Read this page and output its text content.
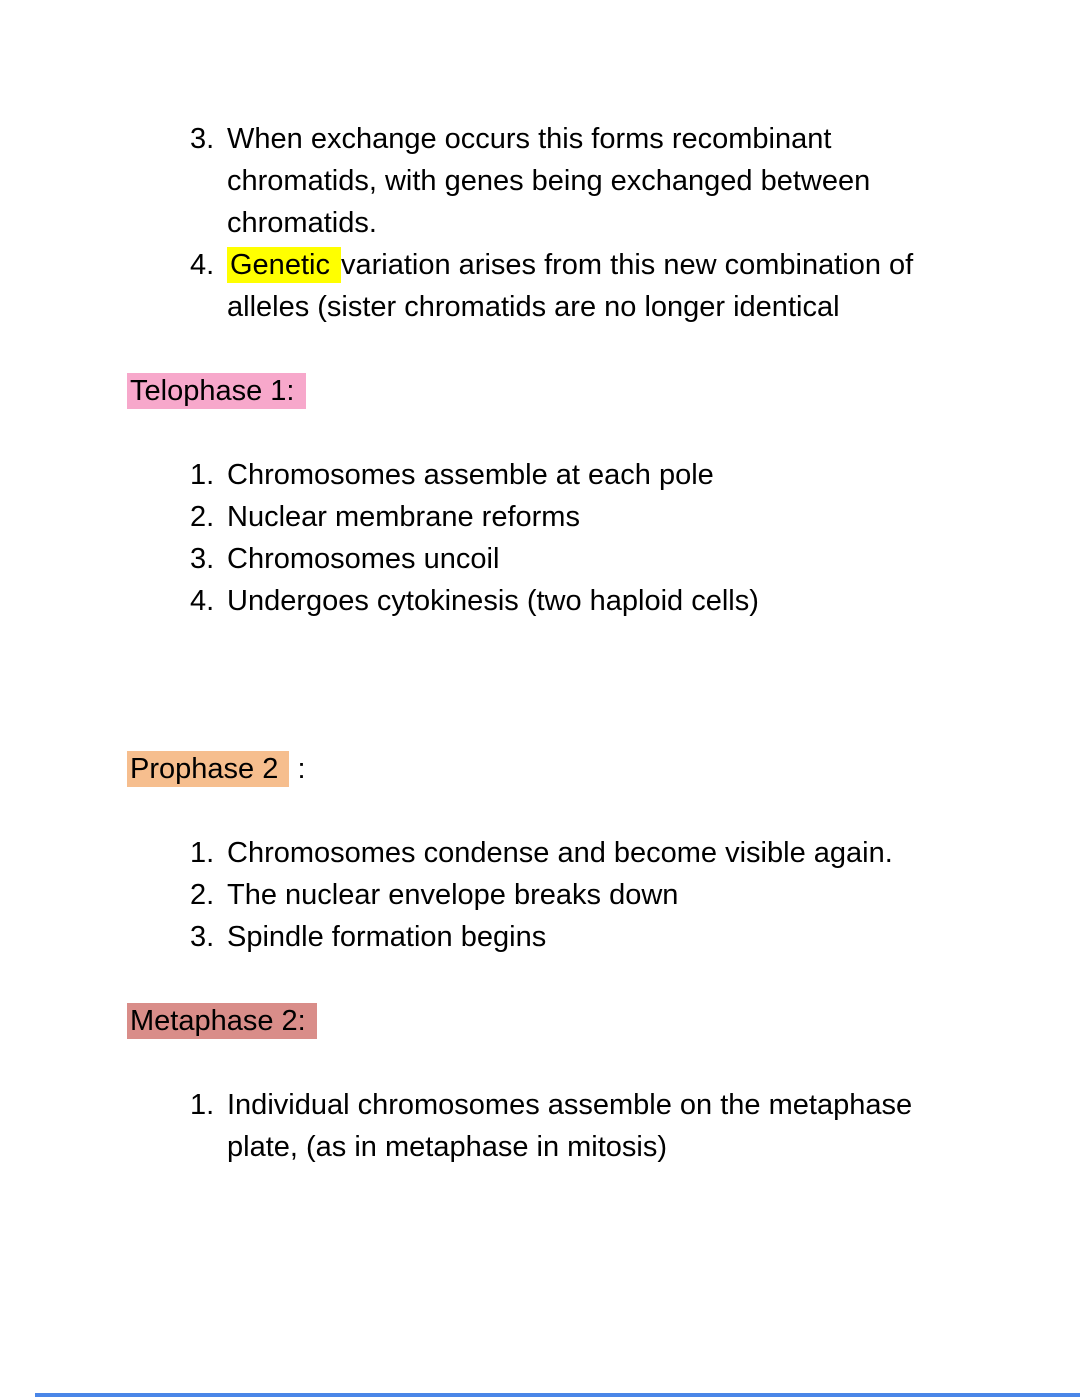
3. When exchange occurs this forms recombinant chromatids, with genes being exchanged between chromatids.
4. Genetic variation arises from this new combination of alleles (sister chromatids are no longer identical
Telophase 1:
1. Chromosomes assemble at each pole
2. Nuclear membrane reforms
3. Chromosomes uncoil
4. Undergoes cytokinesis (two haploid cells)
Prophase 2  :
1. Chromosomes condense and become visible again.
2. The nuclear envelope breaks down
3. Spindle formation begins
Metaphase 2:
1. Individual chromosomes assemble on the metaphase plate, (as in metaphase in mitosis)
